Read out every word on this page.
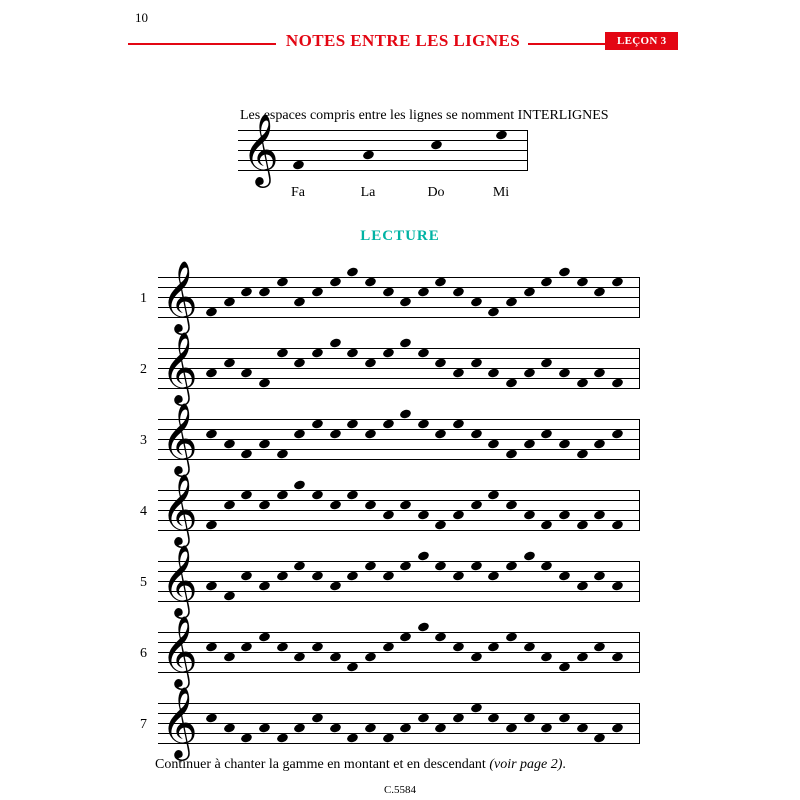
10
NOTES ENTRE LES LIGNES	LEÇON 3
Les espaces compris entre les lignes se nomment INTERLIGNES
𝄞
Fa	La	Do	Mi
LECTURE
1 𝄞
2 𝄞
3 𝄞
4 𝄞
5 𝄞
6 𝄞
7 𝄞
Continuer à chanter la gamme en montant et en descendant (voir page 2).
C.5584
